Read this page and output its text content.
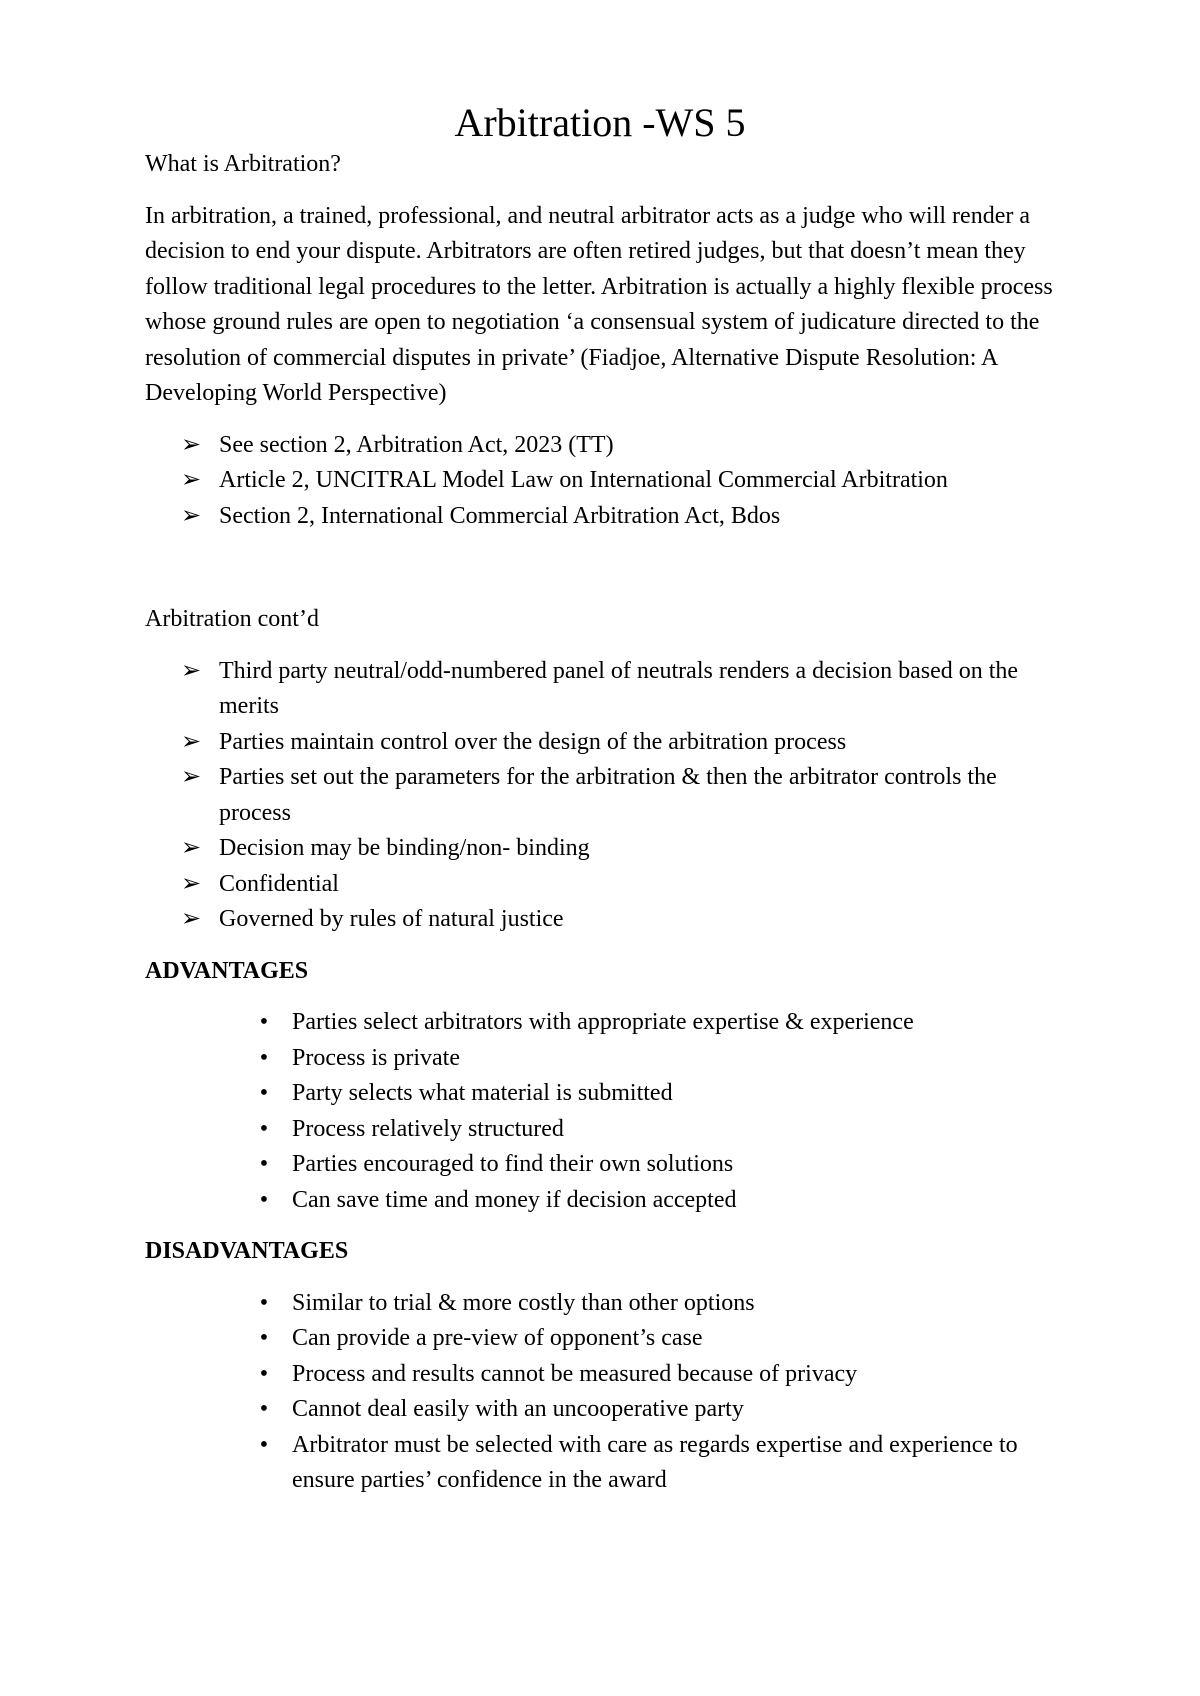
Arbitration -WS 5

What is Arbitration?

In arbitration, a trained, professional, and neutral arbitrator acts as a judge who will render a decision to end your dispute. Arbitrators are often retired judges, but that doesn’t mean they follow traditional legal procedures to the letter. Arbitration is actually a highly flexible process whose ground rules are open to negotiation ‘a consensual system of judicature directed to the resolution of commercial disputes in private’ (Fiadjoe, Alternative Dispute Resolution: A Developing World Perspective)

➢ See section 2, Arbitration Act, 2023 (TT)
➢ Article 2, UNCITRAL Model Law on International Commercial Arbitration
➢ Section 2, International Commercial Arbitration Act, Bdos

Arbitration cont’d

➢ Third party neutral/odd-numbered panel of neutrals renders a decision based on the merits
➢ Parties maintain control over the design of the arbitration process
➢ Parties set out the parameters for the arbitration & then the arbitrator controls the process
➢ Decision may be binding/non- binding
➢ Confidential
➢ Governed by rules of natural justice

ADVANTAGES

• Parties select arbitrators with appropriate expertise & experience
• Process is private
• Party selects what material is submitted
• Process relatively structured
• Parties encouraged to find their own solutions
• Can save time and money if decision accepted

DISADVANTAGES

• Similar to trial & more costly than other options
• Can provide a pre-view of opponent’s case
• Process and results cannot be measured because of privacy
• Cannot deal easily with an uncooperative party
• Arbitrator must be selected with care as regards expertise and experience to ensure parties’ confidence in the award
